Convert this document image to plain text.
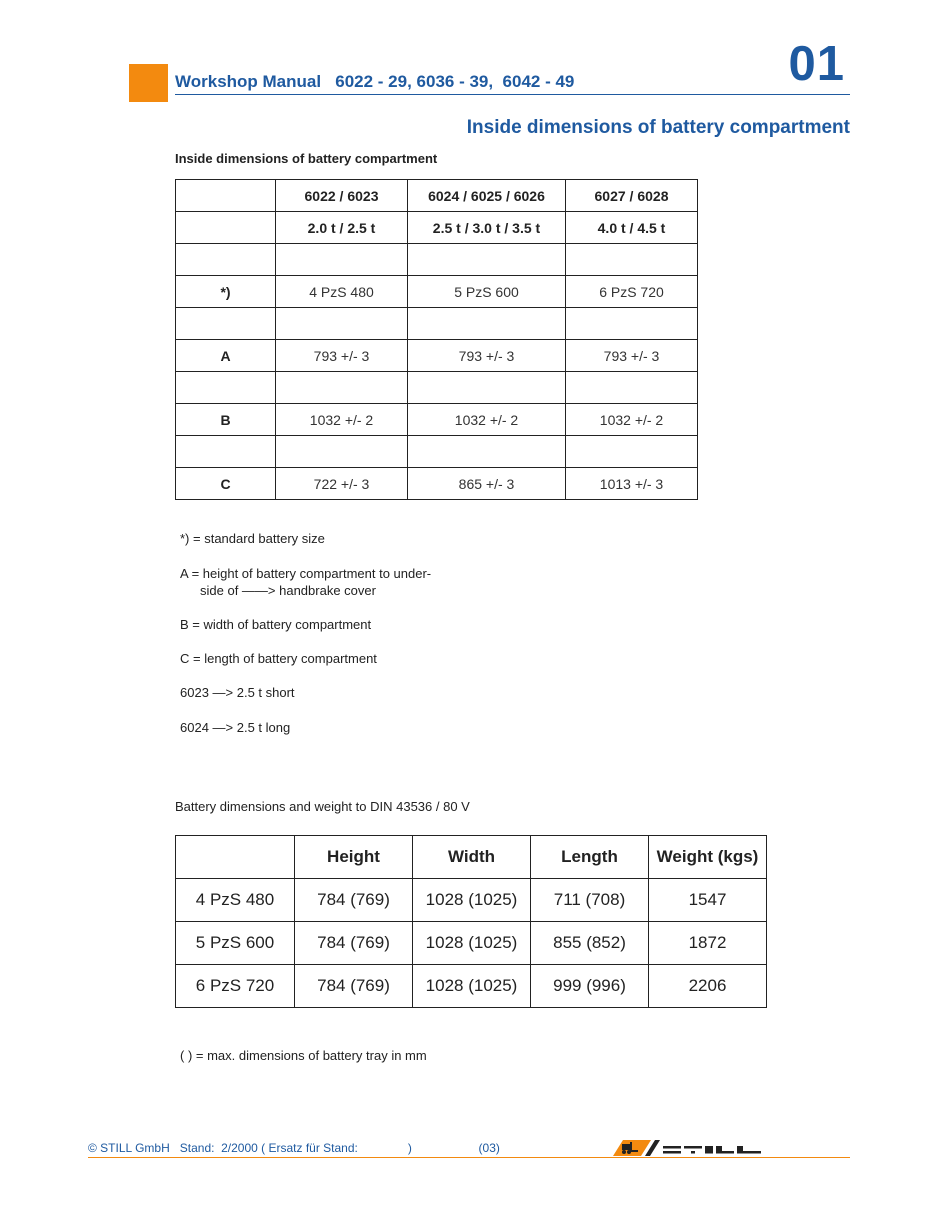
Workshop Manual   6022 - 29, 6036 - 39,  6042 - 49	01
Inside dimensions of battery compartment
Inside dimensions of battery compartment
	6022 / 6023	6024 / 6025 / 6026	6027 / 6028
	2.0 t / 2.5 t	2.5 t / 3.0 t / 3.5 t	4.0 t / 4.5 t

*)	4 PzS 480	5 PzS 600	6 PzS 720

A	793 +/- 3	793 +/- 3	793 +/- 3

B	1032 +/- 2	1032 +/- 2	1032 +/- 2

C	722 +/- 3	865 +/- 3	1013 +/- 3
*) = standard battery size
A = height of battery compartment to under-
side of ——> handbrake cover
B = width of battery compartment
C = length of battery compartment
6023 —> 2.5 t short
6024 —> 2.5 t long
Battery dimensions and weight to DIN 43536 / 80 V
	Height	Width	Length	Weight (kgs)
4 PzS 480	784 (769)	1028 (1025)	711 (708)	1547
5 PzS 600	784 (769)	1028 (1025)	855 (852)	1872
6 PzS 720	784 (769)	1028 (1025)	999 (996)	2206
( ) = max. dimensions of battery tray in mm
© STILL GmbH   Stand:  2/2000 ( Ersatz für Stand:               )                    (03)
